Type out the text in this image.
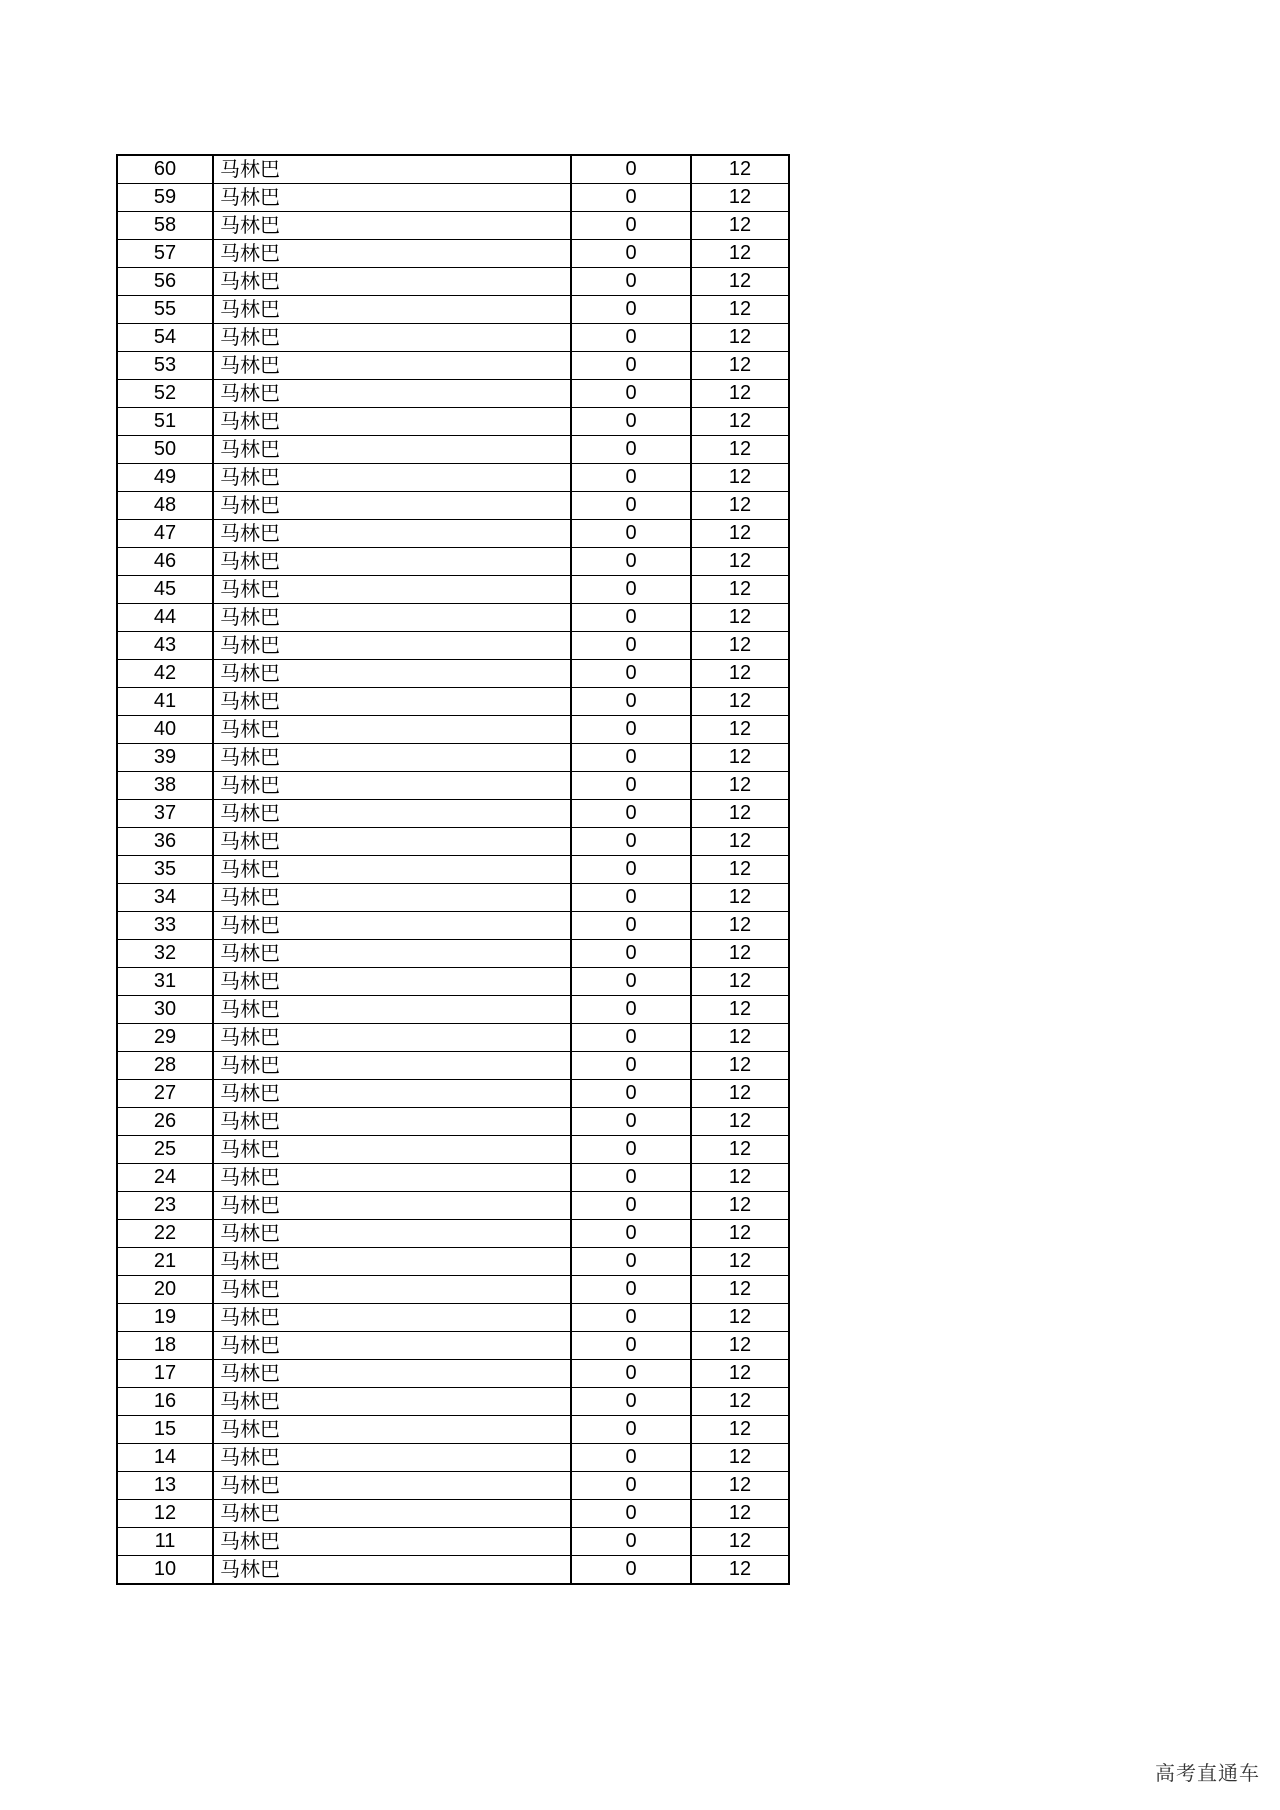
60	马林巴	0	12
59	马林巴	0	12
58	马林巴	0	12
57	马林巴	0	12
56	马林巴	0	12
55	马林巴	0	12
54	马林巴	0	12
53	马林巴	0	12
52	马林巴	0	12
51	马林巴	0	12
50	马林巴	0	12
49	马林巴	0	12
48	马林巴	0	12
47	马林巴	0	12
46	马林巴	0	12
45	马林巴	0	12
44	马林巴	0	12
43	马林巴	0	12
42	马林巴	0	12
41	马林巴	0	12
40	马林巴	0	12
39	马林巴	0	12
38	马林巴	0	12
37	马林巴	0	12
36	马林巴	0	12
35	马林巴	0	12
34	马林巴	0	12
33	马林巴	0	12
32	马林巴	0	12
31	马林巴	0	12
30	马林巴	0	12
29	马林巴	0	12
28	马林巴	0	12
27	马林巴	0	12
26	马林巴	0	12
25	马林巴	0	12
24	马林巴	0	12
23	马林巴	0	12
22	马林巴	0	12
21	马林巴	0	12
20	马林巴	0	12
19	马林巴	0	12
18	马林巴	0	12
17	马林巴	0	12
16	马林巴	0	12
15	马林巴	0	12
14	马林巴	0	12
13	马林巴	0	12
12	马林巴	0	12
11	马林巴	0	12
10	马林巴	0	12
高考直通车
